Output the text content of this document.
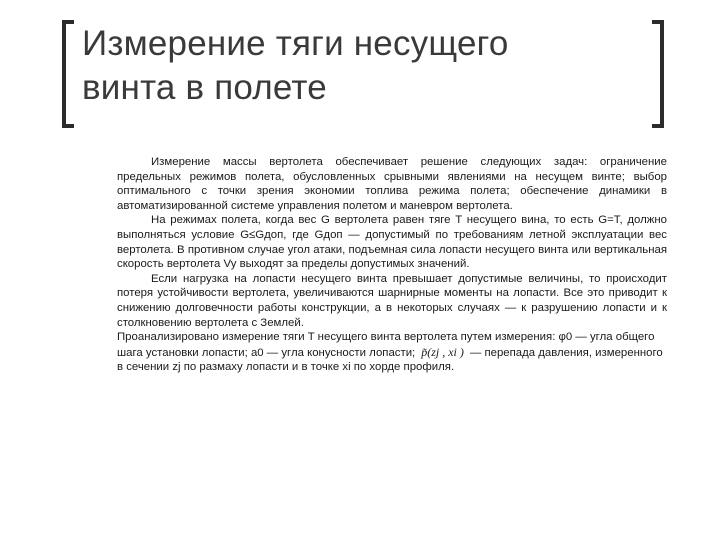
Измерение тяги несущего
винта в полете

Измерение массы вертолета обеспечивает решение следующих задач: ограничение предельных режимов полета, обусловленных срывными явлениями на несущем винте; выбор оптимального с точки зрения экономии топлива режима полета; обеспечение динамики в автоматизированной системе управления полетом и маневром вертолета.

На режимах полета, когда вес G вертолета равен тяге T несущего вина, то есть G=T, должно выполняться условие G≤Gдоп, где Gдоп — допустимый по требованиям летной эксплуатации вес вертолета. В противном случае угол атаки, подъемная сила лопасти несущего винта или вертикальная скорость вертолета Vy выходят за пределы допустимых значений.

Если нагрузка на лопасти несущего винта превышает допустимые величины, то происходит потеря устойчивости вертолета, увеличиваются шарнирные моменты на лопасти. Все это приводит к снижению долговечности работы конструкции, а в некоторых случаях — к разрушению лопасти и к столкновению вертолета с Землей.

Проанализировано измерение тяги T несущего винта вертолета путем измерения: φ0 — угла общего шага установки лопасти; a0 — угла конусности лопасти; p̃(zj , xi ) — перепада давления, измеренного в сечении zj по размаху лопасти и в точке xi по хорде профиля.
